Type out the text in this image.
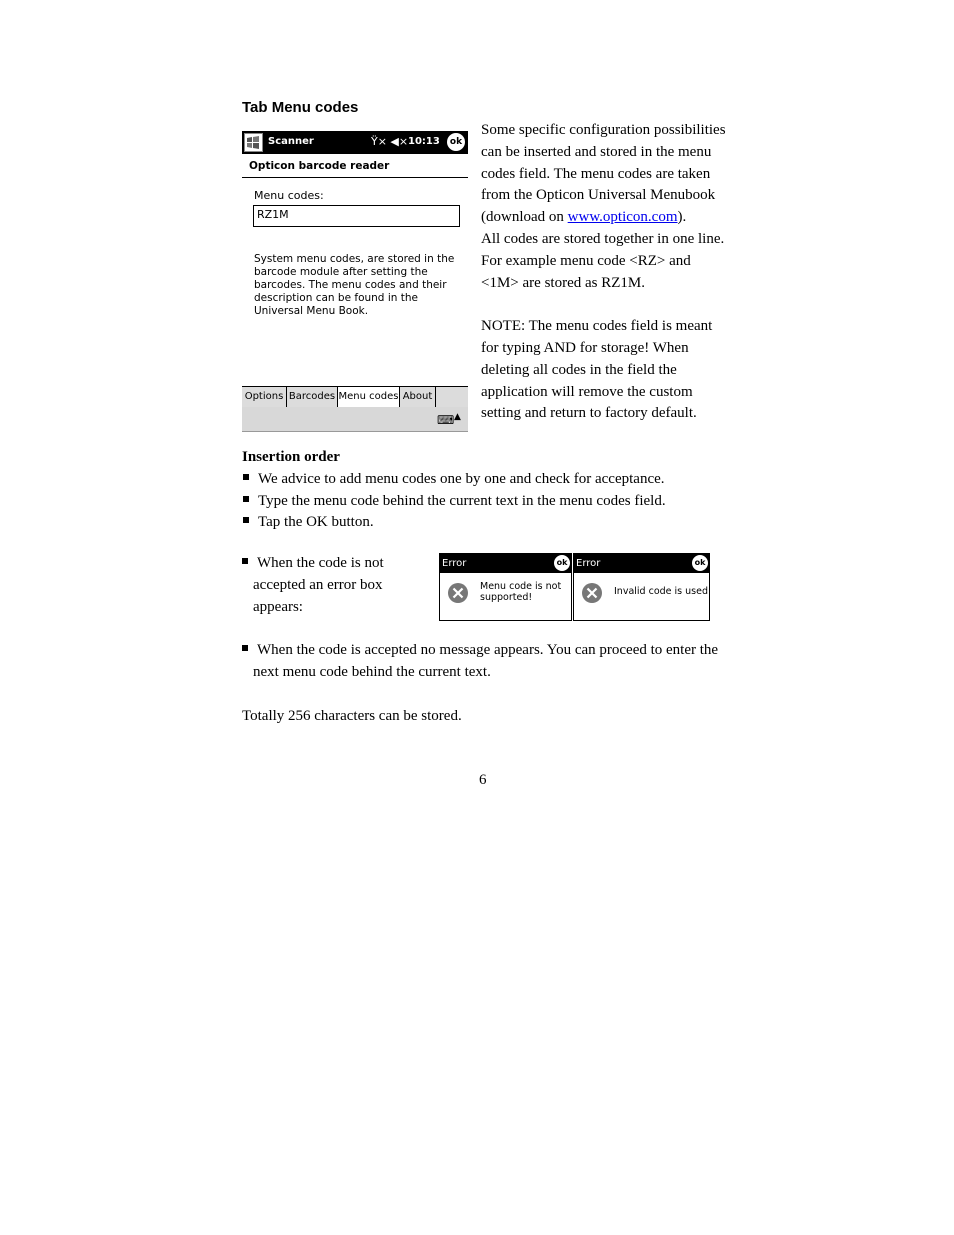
Tab Menu codes
Scanner	Ÿ× ◀× 10:13	ok
Opticon barcode reader
Menu codes:
RZ1M
System menu codes, are stored in the barcode module after setting the barcodes. The menu codes and their description can be found in the Universal Menu Book.
Options Barcodes Menu codes About
⌨ ▲
Some specific configuration possibilities can be inserted and stored in the menu codes field. The menu codes are taken from the Opticon Universal Menubook (download on www.opticon.com).
All codes are stored together in one line. For example menu code <RZ> and <1M> are stored as RZ1M.
NOTE: The menu codes field is meant for typing AND for storage! When deleting all codes in the field the application will remove the custom setting and return to factory default.
Insertion order
We advice to add menu codes one by one and check for acceptance.
Type the menu code behind the current text in the menu codes field.
Tap the OK button.
When the code is not accepted an error box appears:
Error	ok
Menu code is not supported!
Error	ok
Invalid code is used
When the code is accepted no message appears. You can proceed to enter the next menu code behind the current text.
Totally 256 characters can be stored.
6
